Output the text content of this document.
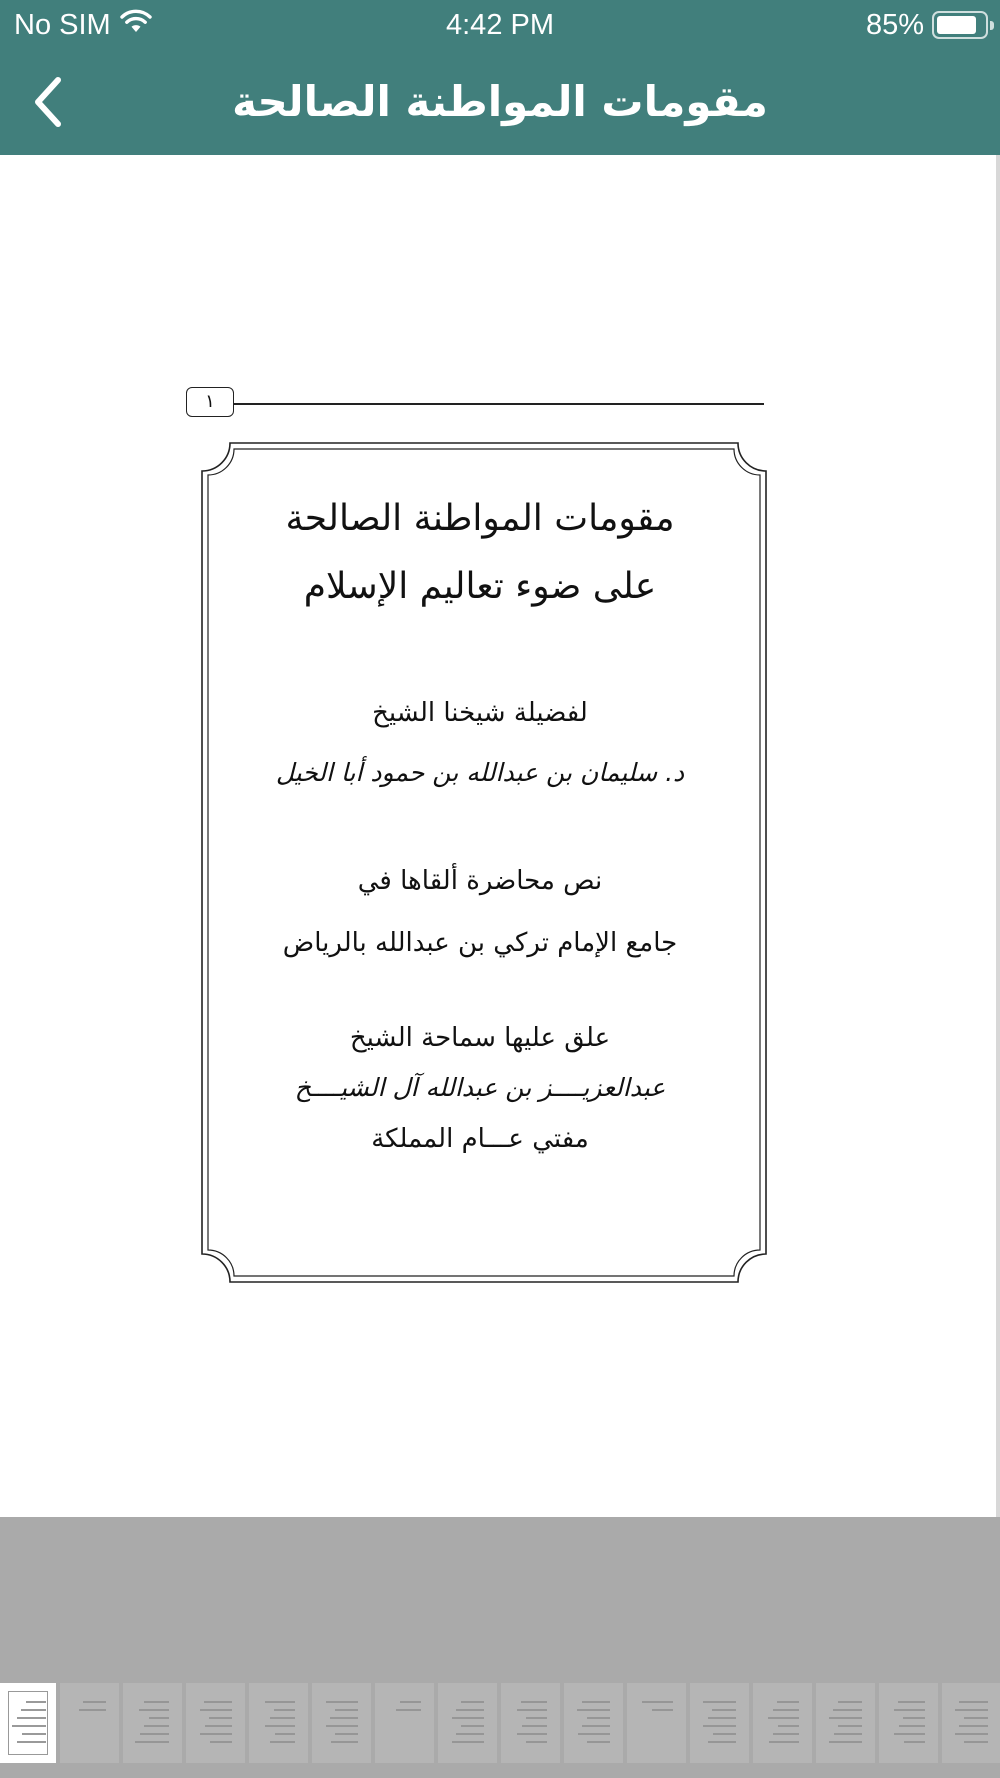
No SIM	4:42 PM	85%
مقومات المواطنة الصالحة
١
مقومات المواطنة الصالحة
على ضوء تعاليم الإسلام
لفضيلة شيخنا الشيخ
د. سليمان بن عبدالله بن حمود أبا الخيل
نص محاضرة ألقاها في
جامع الإمام تركي بن عبدالله بالرياض
علق عليها سماحة الشيخ
عبدالعزيــــز بن عبدالله آل الشيــــخ
مفتي عـــام المملكة
